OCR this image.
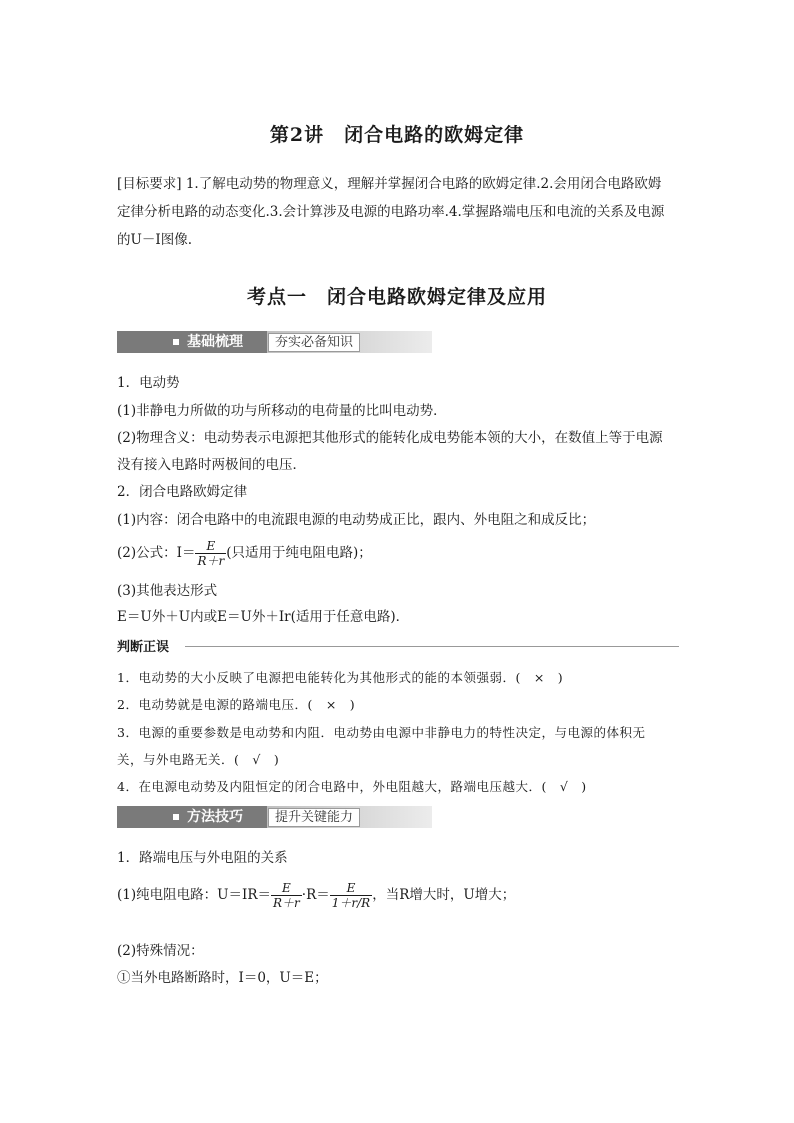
第2讲　闭合电路的欧姆定律
[目标要求] 1.了解电动势的物理意义，理解并掌握闭合电路的欧姆定律.2.会用闭合电路欧姆
定律分析电路的动态变化.3.会计算涉及电源的电路功率.4.掌握路端电压和电流的关系及电源
的U－I图像.
考点一　闭合电路欧姆定律及应用
基础梳理	夯实必备知识
1．电动势
(1)非静电力所做的功与所移动的电荷量的比叫电动势．
(2)物理含义：电动势表示电源把其他形式的能转化成电势能本领的大小，在数值上等于电源
没有接入电路时两极间的电压．
2．闭合电路欧姆定律
(1)内容：闭合电路中的电流跟电源的电动势成正比，跟内、外电阻之和成反比；
(2)公式：$I= \frac{E}{R+r}$ (只适用于纯电阻电路)；
(3)其他表达形式
E＝U外＋U内或E＝U外＋Ir(适用于任意电路)．
判断正误
1．电动势的大小反映了电源把电能转化为其他形式的能的本领强弱．(　×　)
2．电动势就是电源的路端电压．(　×　)
3．电源的重要参数是电动势和内阻．电动势由电源中非静电力的特性决定，与电源的体积无
关，与外电路无关．(　√　)
4．在电源电动势及内阻恒定的闭合电路中，外电阻越大，路端电压越大．(　√　)
方法技巧	提升关键能力
1．路端电压与外电阻的关系
(1)纯电阻电路：$U=IR= \frac{E}{R+r} \cdot R= \frac{E}{1+r/R}$ ，当R增大时，U增大；
(2)特殊情况：
①当外电路断路时，I＝0，U＝E；
